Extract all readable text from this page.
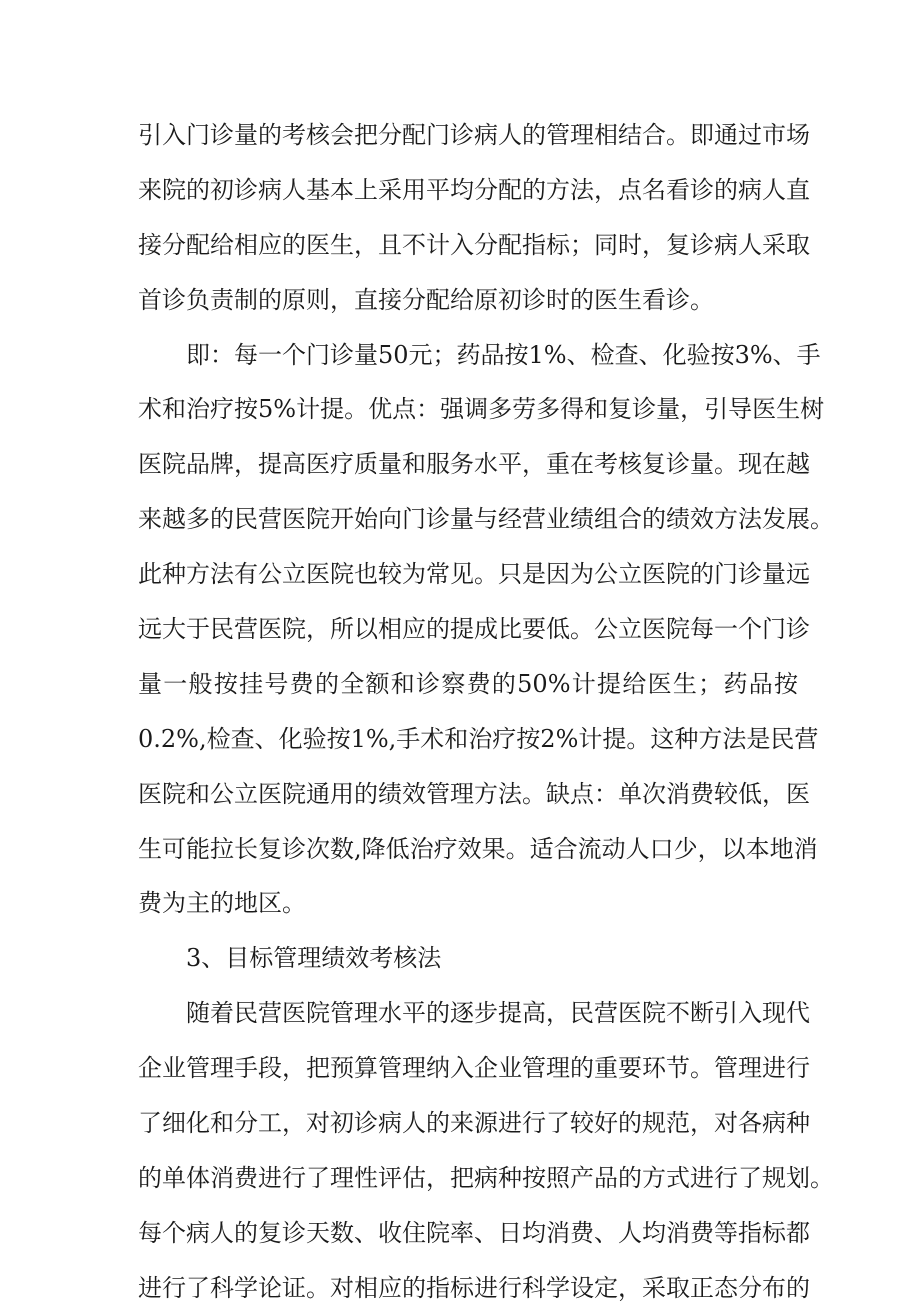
引入门诊量的考核会把分配门诊病人的管理相结合。即通过市场
来院的初诊病人基本上采用平均分配的方法，点名看诊的病人直
接分配给相应的医生，且不计入分配指标；同时，复诊病人采取
首诊负责制的原则，直接分配给原初诊时的医生看诊。
即：每一个门诊量50元；药品按1%、检查、化验按3%、手
术和治疗按5%计提。优点：强调多劳多得和复诊量，引导医生树
医院品牌，提高医疗质量和服务水平，重在考核复诊量。现在越
来越多的民营医院开始向门诊量与经营业绩组合的绩效方法发展。
此种方法有公立医院也较为常见。只是因为公立医院的门诊量远
远大于民营医院，所以相应的提成比要低。公立医院每一个门诊
量一般按挂号费的全额和诊察费的50%计提给医生；药品按
0.2%,检查、化验按1%,手术和治疗按2%计提。这种方法是民营
医院和公立医院通用的绩效管理方法。缺点：单次消费较低，医
生可能拉长复诊次数,降低治疗效果。适合流动人口少，以本地消
费为主的地区。
3、目标管理绩效考核法
随着民营医院管理水平的逐步提高，民营医院不断引入现代
企业管理手段，把预算管理纳入企业管理的重要环节。管理进行
了细化和分工，对初诊病人的来源进行了较好的规范，对各病种
的单体消费进行了理性评估，把病种按照产品的方式进行了规划。
每个病人的复诊天数、收住院率、日均消费、人均消费等指标都
进行了科学论证。对相应的指标进行科学设定，采取正态分布的
